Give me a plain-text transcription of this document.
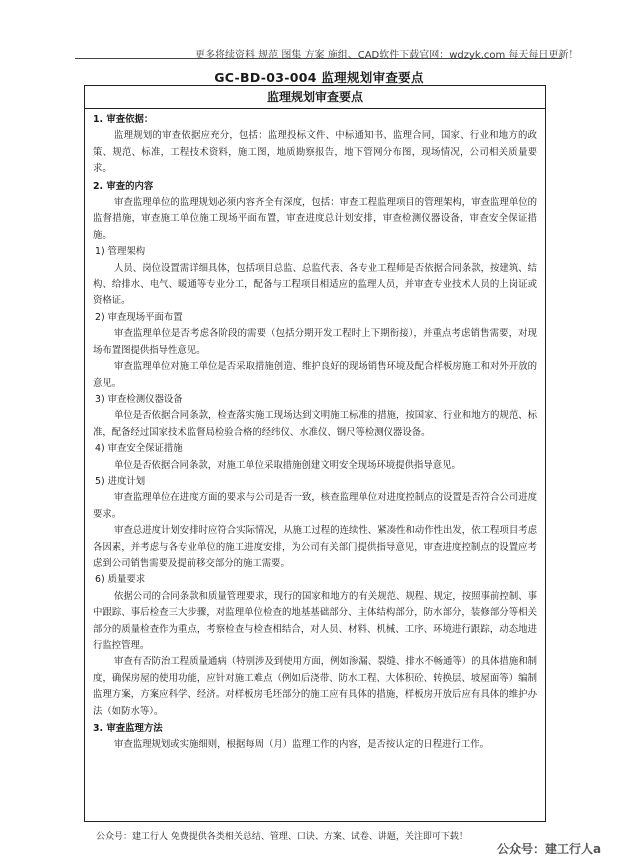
更多将续资料 规范 图集 方案 施组、CAD软件下载官网：wdzyk.com 每天每日更新！
GC-BD-03-004 监理规划审查要点
监理规划审查要点

1. 审查依据：

监理规划的审查依据应充分，包括：监理投标文件、中标通知书、监理合同，国家、行业和地方的政策、规范、标准，工程技术资料，施工图，地质勘察报告，地下管网分布图，现场情况，公司相关质量要求。

2. 审查的内容

审查监理单位的监理规划必须内容齐全有深度，包括：审查工程监理项目的管理架构，审查监理单位的监督措施，审查施工单位施工现场平面布置，审查进度总计划安排，审查检测仪器设备，审查安全保证措施。

1) 管理架构

人员、岗位设置需详细具体，包括项目总监、总监代表、各专业工程师是否依据合同条款，按建筑、结构、给排水、电气、暖通等专业分工，配备与工程项目相适应的监理人员，并审查专业技术人员的上岗证或资格证。

2) 审查现场平面布置

审查监理单位是否考虑各阶段的需要（包括分期开发工程时上下期衔接），并重点考虑销售需要，对现场布置图提供指导性意见。

审查监理单位对施工单位是否采取措施创造、维护良好的现场销售环境及配合样板房施工和对外开放的意见。

3) 审查检测仪器设备

单位是否依据合同条款，检查落实施工现场达到文明施工标准的措施，按国家、行业和地方的规范、标准，配备经过国家技术监督局检验合格的经纬仪、水准仪、钢尺等检测仪器设备。

4) 审查安全保证措施

单位是否依据合同条款，对施工单位采取措施创建文明安全现场环境提供指导意见。

5) 进度计划

审查监理单位在进度方面的要求与公司是否一致，核查监理单位对进度控制点的设置是否符合公司进度要求。

审查总进度计划安排时应符合实际情况，从施工过程的连续性、紧凑性和动作性出发，依工程项目考虑各因素，并考虑与各专业单位的施工进度安排，为公司有关部门提供指导意见，审查进度控制点的设置应考虑到公司销售需要及提前移交部分的施工需要。

6) 质量要求

依据公司的合同条款和质量管理要求，现行的国家和地方的有关规范、规程、规定，按照事前控制、事中跟踪、事后检查三大步骤，对监理单位检查的地基基础部分、主体结构部分，防水部分，装修部分等相关部分的质量检查作为重点，考察检查与检查相结合，对人员、材料、机械、工序、环境进行跟踪，动态地进行监控管理。

审查有否防治工程质量通病（特别涉及到使用方面，例如渗漏、裂缝、排水不畅通等）的具体措施和制度，确保房屋的使用功能，应针对施工难点（例如后浇带、防水工程、大体积砼、转换层、坡屋面等）编制监理方案，方案应科学、经济。对样板房毛坯部分的施工应有具体的措施，样板房开放后应有具体的维护办法（如防水等）。

3. 审查监理方法

审查监理规划或实施细则，根据每周（月）监理工作的内容，是否按认定的日程进行工作。

公众号：建工行人 免费提供各类相关总结、管理、口诀、方案、试卷、讲题，关注即可下载！
公众号：建工行人a
